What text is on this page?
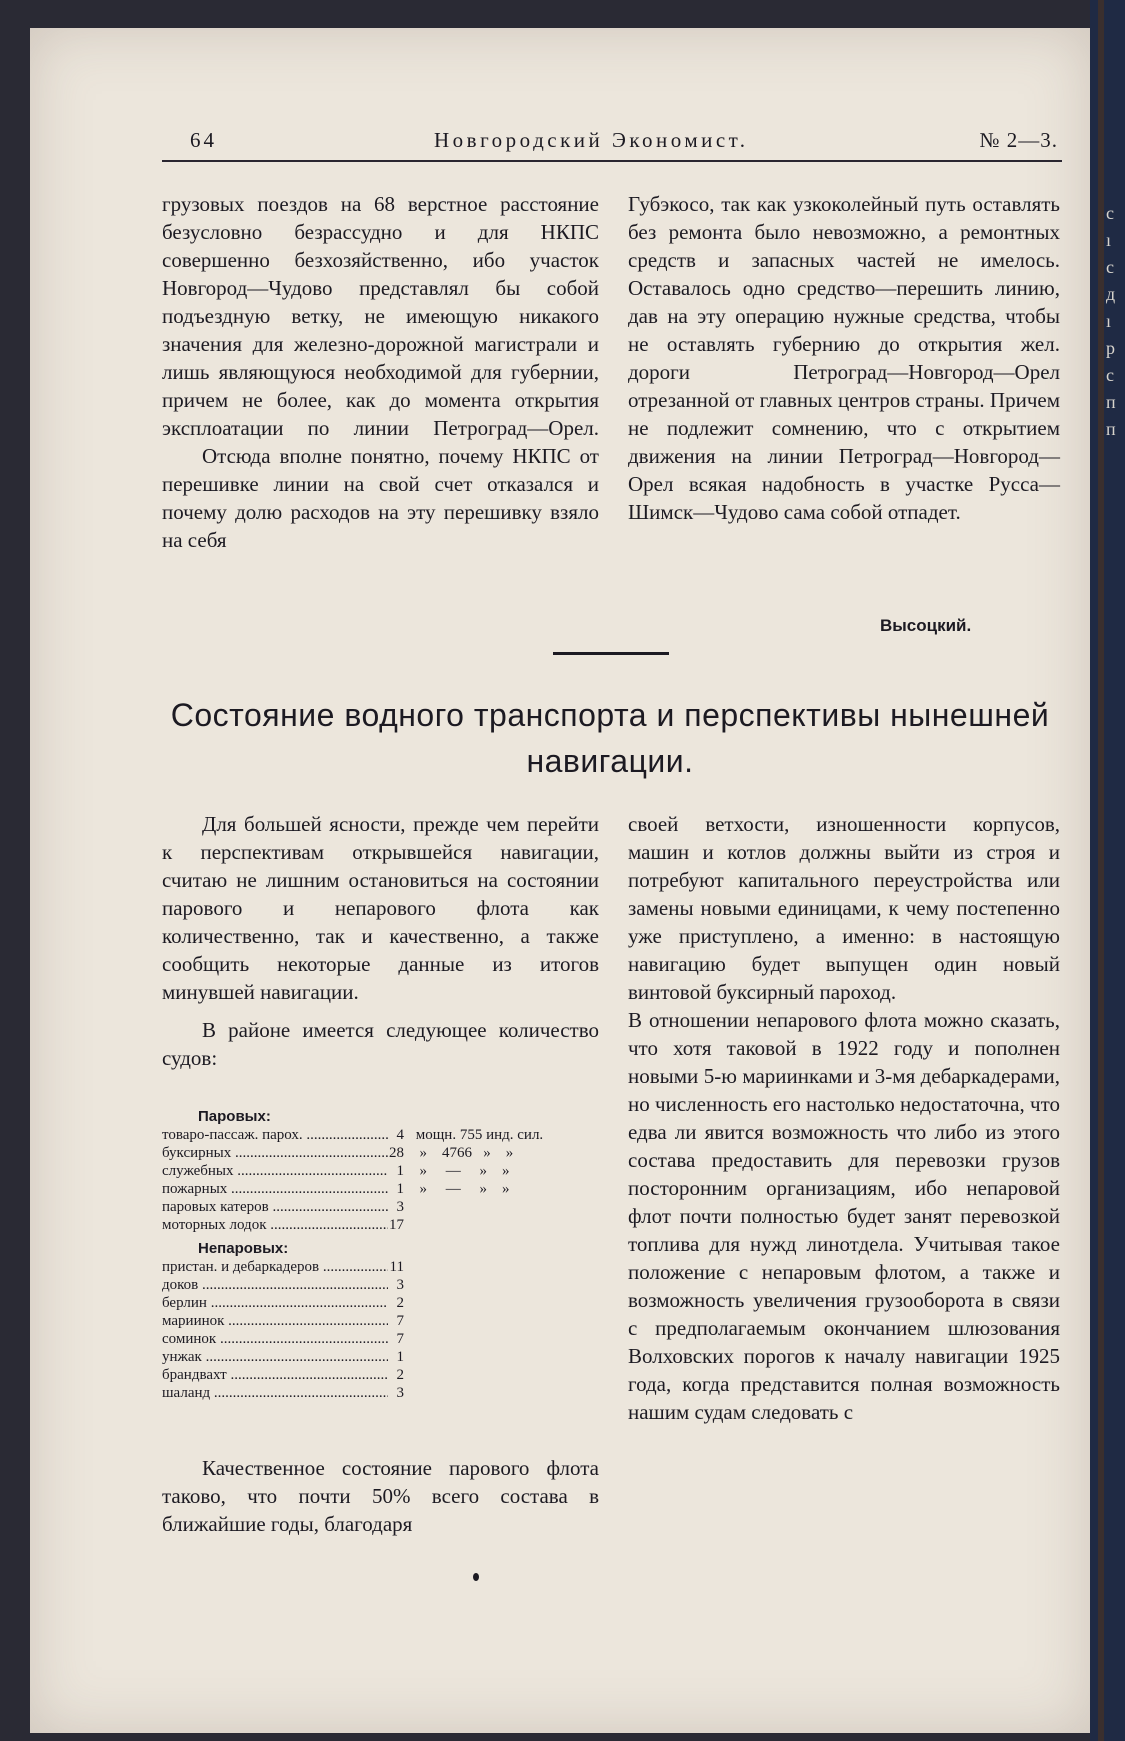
64	Новгородский Экономист.	№ 2—3.

грузовых поездов на 68 верстное расстояние безусловно безрассудно и для НКПС совершенно безхозяйственно, ибо участок Новгород—Чудово представлял бы собой подъездную ветку, не имеющую никакого значения для железно-дорожной магистрали и лишь являющуюся необходимой для губернии, причем не более, как до момента открытия эксплоатации по линии Петроград—Орел.

Отсюда вполне понятно, почему НКПС от перешивке линии на свой счет отказался и почему долю расходов на эту перешивку взяло на себя

Губэкосо, так как узкоколейный путь оставлять без ремонта было невозможно, а ремонтных средств и запасных частей не имелось. Оставалось одно средство—перешить линию, дав на эту операцию нужные средства, чтобы не оставлять губернию до открытия жел. дороги Петроград—Новгород—Орел отрезанной от главных центров страны. Причем не подлежит сомнению, что с открытием движения на линии Петроград—Новгород—Орел всякая надобность в участке Русса—Шимск—Чудово сама собой отпадет.

Высоцкий.
Состояние водного транспорта и перспективы нынешней навигации.

Для большей ясности, прежде чем перейти к перспективам открывшейся навигации, считаю не лишним остановиться на состоянии парового и непарового флота как количественно, так и качественно, а также сообщить некоторые данные из итогов минувшей навигации.

В районе имеется следующее количество судов:

Паровых:
товаро-пассаж. парох. .....	4 мощн. 755 инд. сил.
буксирных .....	28 »    4766   »    »
служебных .....	1 »     —     »    »
пожарных .....	1 »     —     »    »
паровых катеров .....	3
моторных лодок .....	17
Непаровых:
пристан. и дебаркадеров .....	11
доков .....	3
берлин .....	2
мариинок .....	7
соминок .....	7
унжак .....	1
брандвахт .....	2
шаланд .....	3

Качественное состояние парового флота таково, что почти 50% всего состава в ближайшие годы, благодаря

своей ветхости, изношенности корпусов, машин и котлов должны выйти из строя и потребуют капитального переустройства или замены новыми единицами, к чему постепенно уже приступлено, а именно: в настоящую навигацию будет выпущен один новый винтовой буксирный пароход.

В отношении непарового флота можно сказать, что хотя таковой в 1922 году и пополнен новыми 5-ю мариинками и 3-мя дебаркадерами, но численность его настолько недостаточна, что едва ли явится возможность что либо из этого состава предоставить для перевозки грузов посторонним организациям, ибо непаровой флот почти полностью будет занят перевозкой топлива для нужд линотдела. Учитывая такое положение с непаровым флотом, а также и возможность увеличения грузооборота в связи с предполагаемым окончанием шлюзования Волховских порогов к началу навигации 1925 года, когда представится полная возможность нашим судам следовать с

с
ı
с
д
ı
р
с
п
п
